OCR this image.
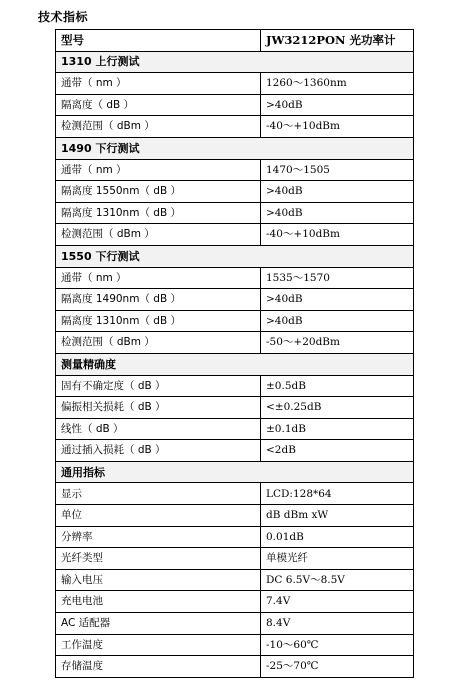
技术指标
型号	JW3212PON 光功率计
1310 上行测试	
通带（ nm ）	1260～1360nm
隔离度（ dB ）	>40dB
检测范围（ dBm ）	-40～+10dBm
1490 下行测试	
通带（ nm ）	1470～1505
隔离度 1550nm（ dB ）	>40dB
隔离度 1310nm（ dB ）	>40dB
检测范围（ dBm ）	-40～+10dBm
1550 下行测试	
通带（ nm ）	1535～1570
隔离度 1490nm（ dB ）	>40dB
隔离度 1310nm（ dB ）	>40dB
检测范围（ dBm ）	-50～+20dBm
测量精确度	
固有不确定度（ dB ）	±0.5dB
偏振相关损耗（ dB ）	<±0.25dB
线性（ dB ）	±0.1dB
通过插入损耗（ dB ）	<2dB
通用指标	
显示	LCD:128*64
单位	dB dBm xW
分辨率	0.01dB
光纤类型	单模光纤
输入电压	DC 6.5V～8.5V
充电电池	7.4V
AC 适配器	8.4V
工作温度	-10～60℃
存储温度	-25～70℃
